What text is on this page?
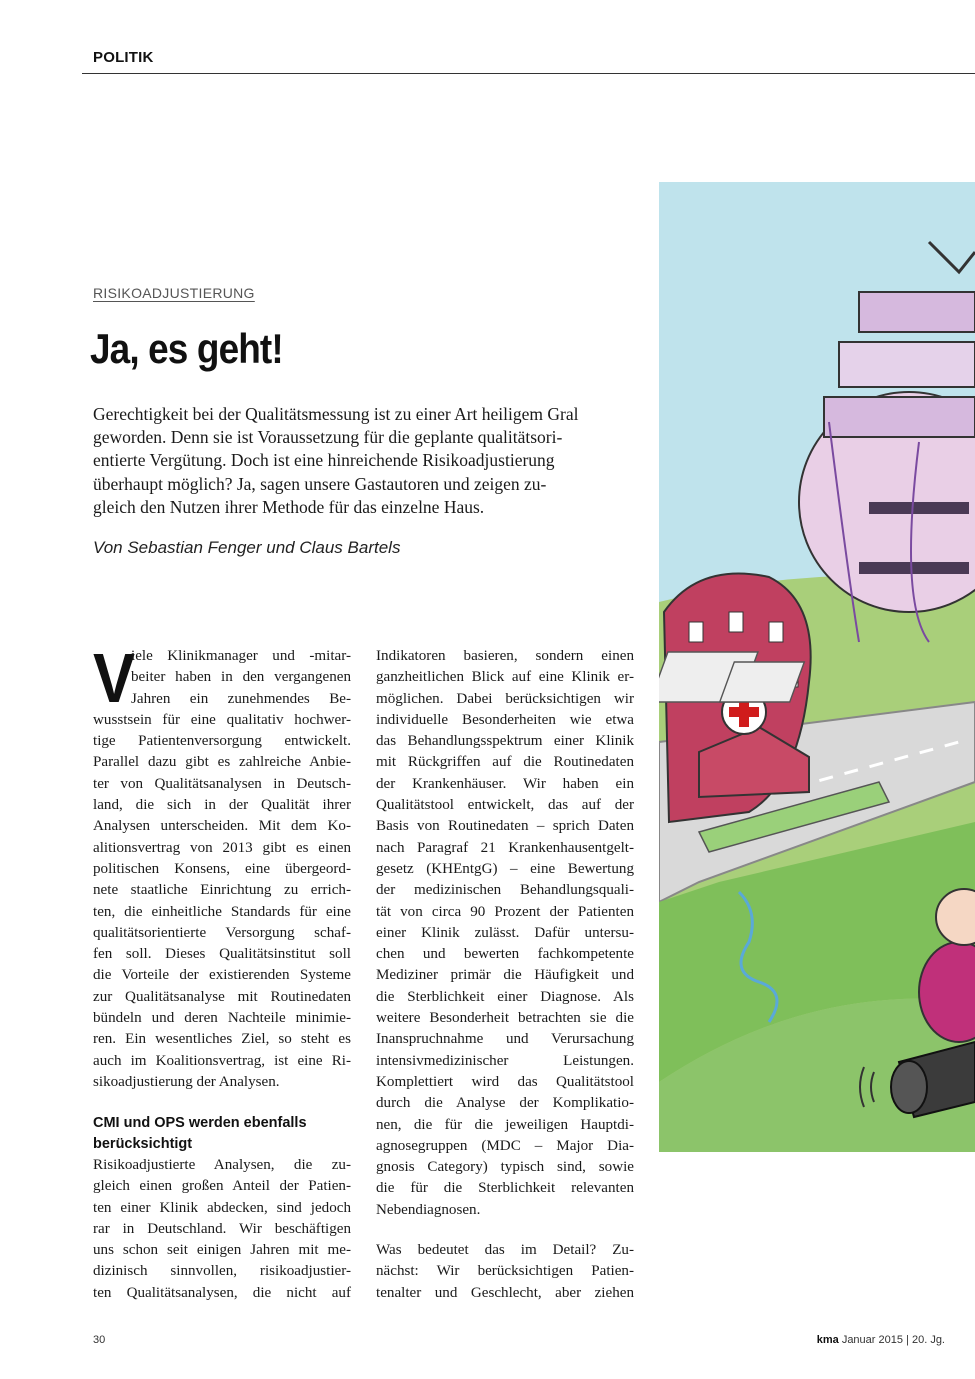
POLITIK
RISIKOADJUSTIERUNG
Ja, es geht!
Gerechtigkeit bei der Qualitätsmessung ist zu einer Art heiligem Gral
geworden. Denn sie ist Voraussetzung für die geplante qualitätsori-
entierte Vergütung. Doch ist eine hinreichende Risikoadjustierung
überhaupt möglich? Ja, sagen unsere Gastautoren und zeigen zu-
gleich den Nutzen ihrer Methode für das einzelne Haus.
Von Sebastian Fenger und Claus Bartels
V
iele Klinikmanager und -mitar-
beiter haben in den vergangenen
Jahren ein zunehmendes Be-
wusstsein für eine qualitativ hochwer-
tige Patientenversorgung entwickelt.
Parallel dazu gibt es zahlreiche Anbie-
ter von Qualitätsanalysen in Deutsch-
land, die sich in der Qualität ihrer
Analysen unterscheiden. Mit dem Ko-
alitionsvertrag von 2013 gibt es einen
politischen Konsens, eine übergeord-
nete staatliche Einrichtung zu errich-
ten, die einheitliche Standards für eine
qualitätsorientierte Versorgung schaf-
fen soll. Dieses Qualitätsinstitut soll
die Vorteile der existierenden Systeme
zur Qualitätsanalyse mit Routinedaten
bündeln und deren Nachteile minimie-
ren. Ein wesentliches Ziel, so steht es
auch im Koalitionsvertrag, ist eine Ri-
sikoadjustierung der Analysen.
CMI und OPS werden ebenfalls
berücksichtigt
Risikoadjustierte Analysen, die zu-
gleich einen großen Anteil der Patien-
ten einer Klinik abdecken, sind jedoch
rar in Deutschland. Wir beschäftigen
uns schon seit einigen Jahren mit me-
dizinisch sinnvollen, risikoadjustier-
ten Qualitätsanalysen, die nicht auf
Indikatoren basieren, sondern einen
ganzheitlichen Blick auf eine Klinik er-
möglichen. Dabei berücksichtigen wir
individuelle Besonderheiten wie etwa
das Behandlungsspektrum einer Klinik
mit Rückgriffen auf die Routinedaten
der Krankenhäuser. Wir haben ein
Qualitätstool entwickelt, das auf der
Basis von Routinedaten – sprich Daten
nach Paragraf 21 Krankenhausentgelt-
gesetz (KHEntgG) – eine Bewertung
der medizinischen Behandlungsquali-
tät von circa 90 Prozent der Patienten
einer Klinik zulässt. Dafür untersu-
chen und bewerten fachkompetente
Mediziner primär die Häufigkeit und
die Sterblichkeit einer Diagnose. Als
weitere Besonderheit betrachten sie die
Inanspruchnahme und Verursachung
intensivmedizinischer Leistungen.
Komplettiert wird das Qualitätstool
durch die Analyse der Komplikatio-
nen, die für die jeweiligen Hauptdi-
agnosegruppen (MDC – Major Dia-
gnosis Category) typisch sind, sowie
die für die Sterblichkeit relevanten
Nebendiagnosen.
Was bedeutet das im Detail? Zu-
nächst: Wir berücksichtigen Patien-
tenalter und Geschlecht, aber ziehen
30	kma Januar 2015 | 20. Jg.
